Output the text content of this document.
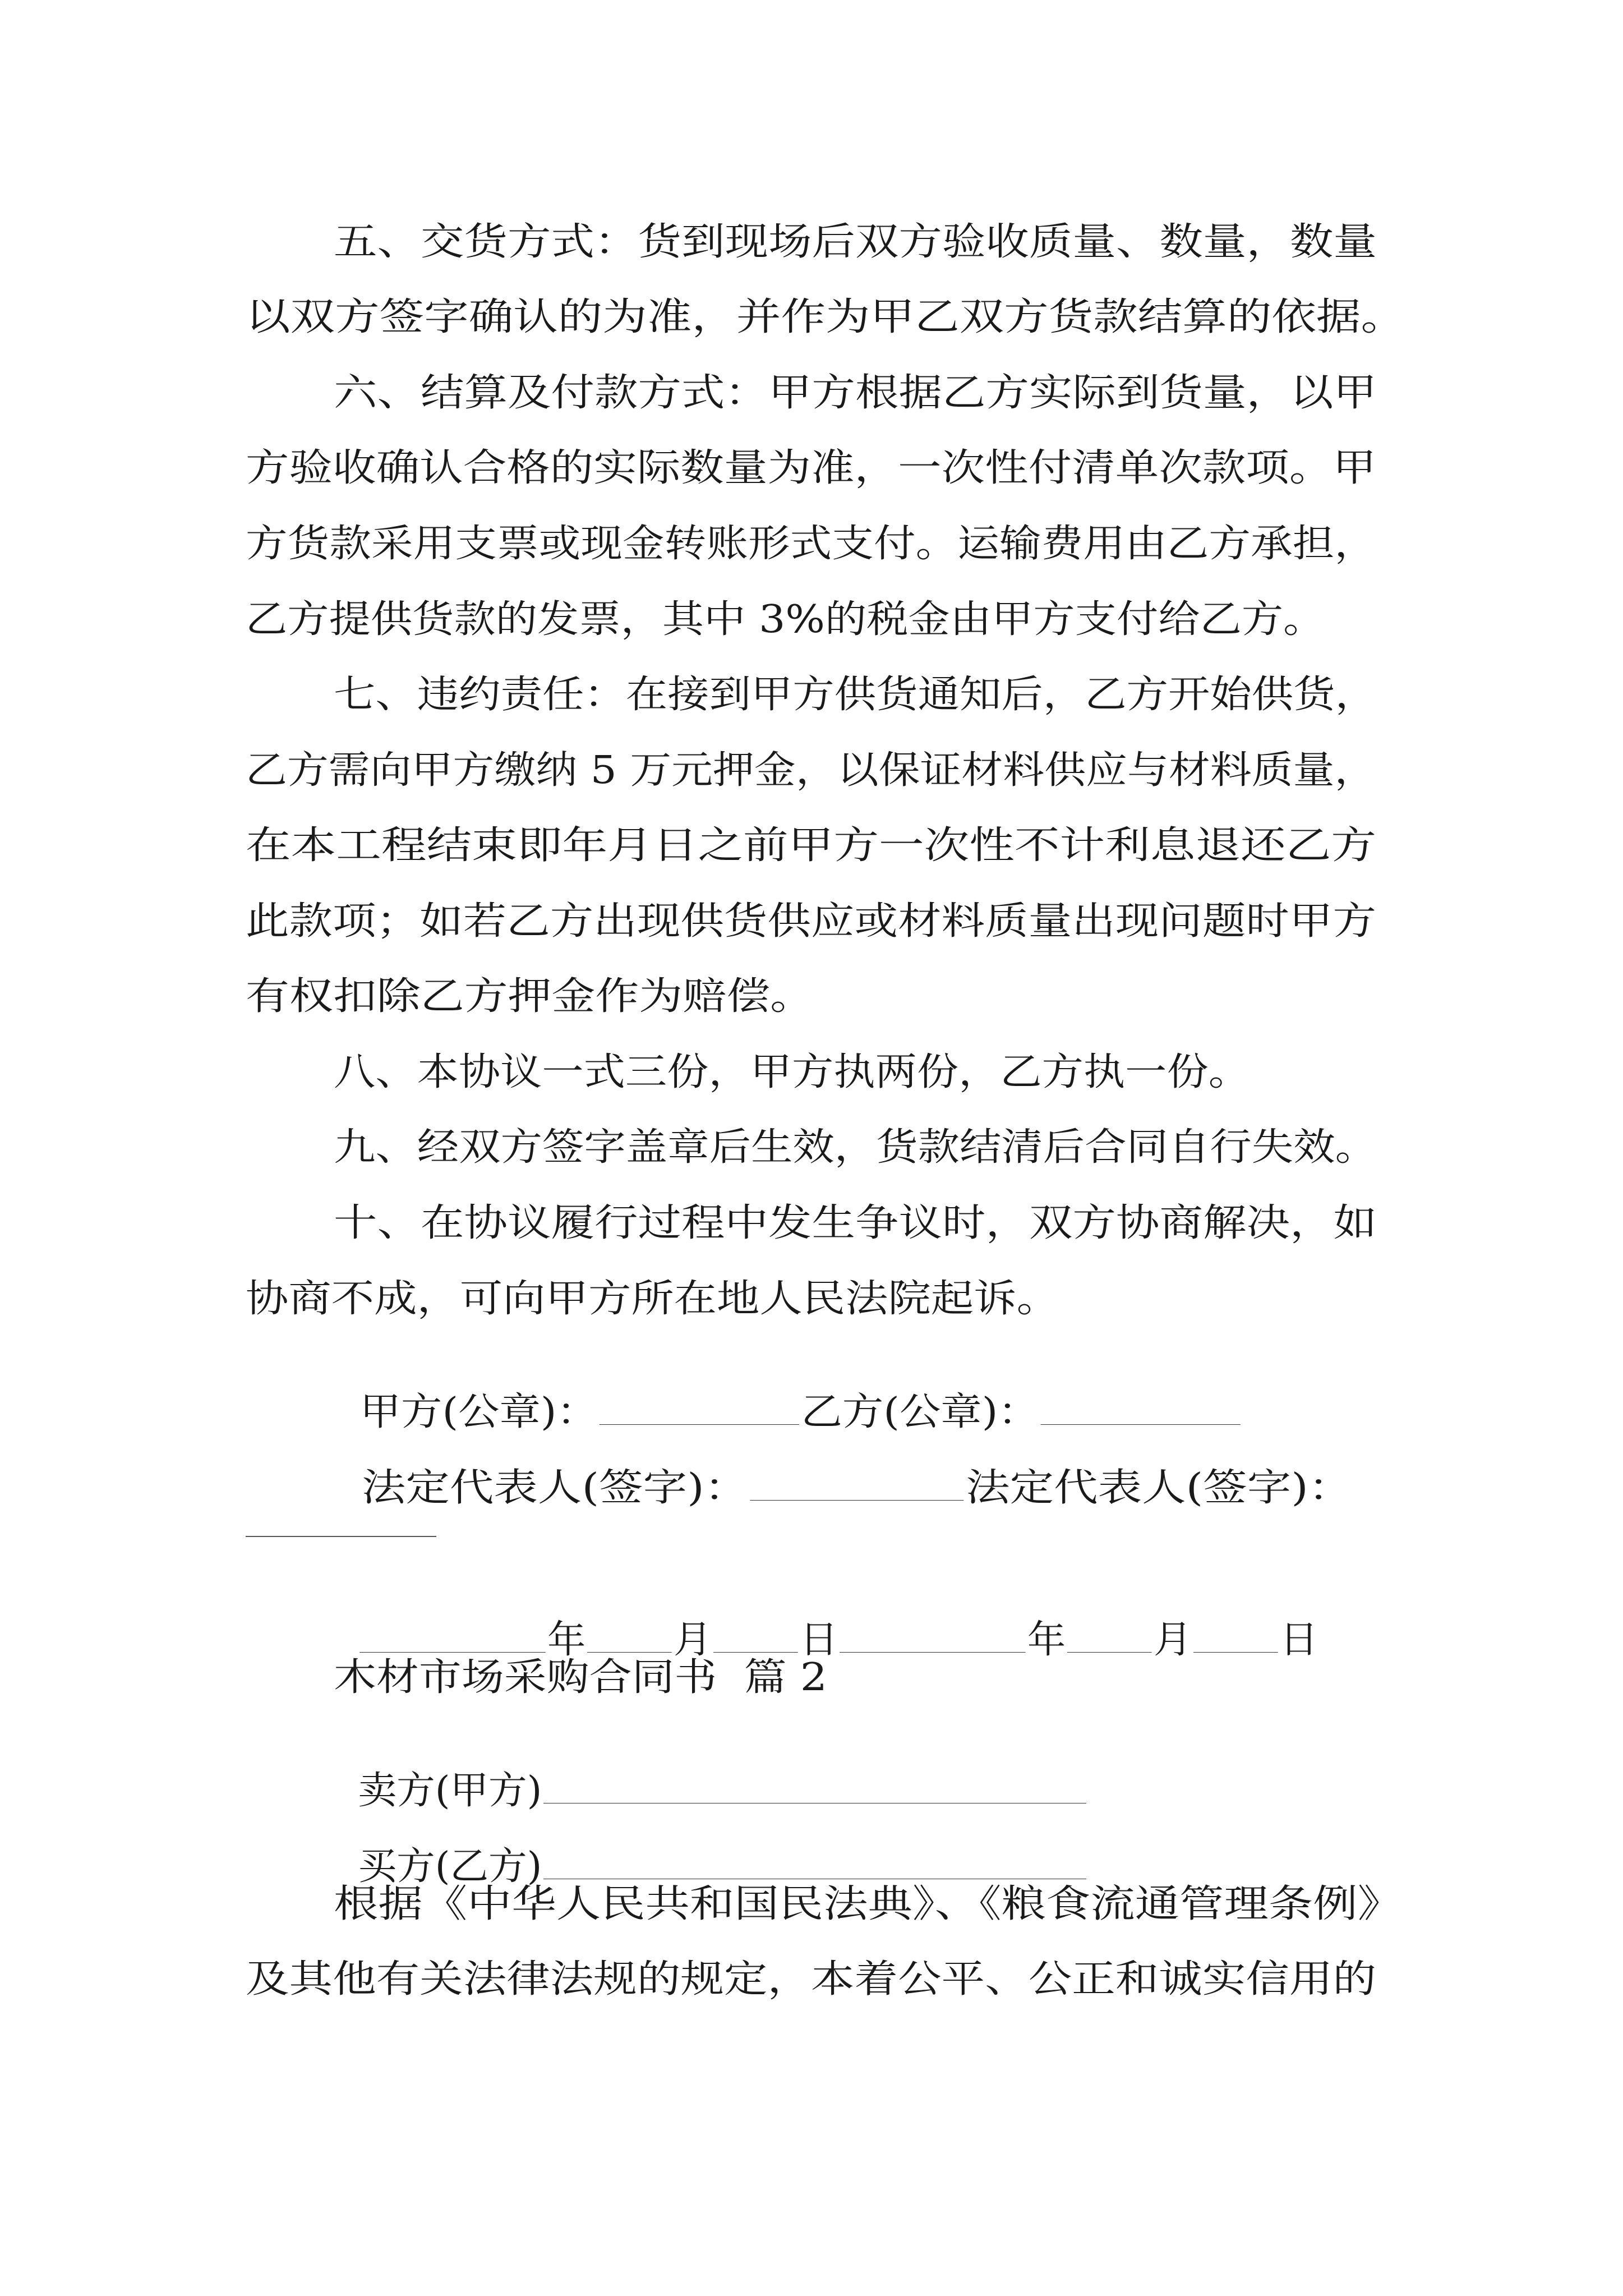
五、交货方式：货到现场后双方验收质量、数量，数量
以双方签字确认的为准，并作为甲乙双方货款结算的依据。
六、结算及付款方式：甲方根据乙方实际到货量，以甲
方验收确认合格的实际数量为准，一次性付清单次款项。甲
方货款采用支票或现金转账形式支付。运输费用由乙方承担，
乙方提供货款的发票，其中 3%的税金由甲方支付给乙方。
七、违约责任：在接到甲方供货通知后，乙方开始供货，
乙方需向甲方缴纳 5 万元押金，以保证材料供应与材料质量，
在本工程结束即年月日之前甲方一次性不计利息退还乙方
此款项；如若乙方出现供货供应或材料质量出现问题时甲方
有权扣除乙方押金作为赔偿。
八、本协议一式三份，甲方执两份，乙方执一份。
九、经双方签字盖章后生效，货款结清后合同自行失效。
十、在协议履行过程中发生争议时，双方协商解决，如
协商不成，可向甲方所在地人民法院起诉。

甲方(公章)：	乙方(公章)：

法定代表人(签字)：	法定代表人(签字)：

年 月 日	年 月 日

木材市场采购合同书  篇 2

卖方(甲方)

买方(乙方)

根据《中华人民共和国民法典》、《粮食流通管理条例》
及其他有关法律法规的规定，本着公平、公正和诚实信用的
